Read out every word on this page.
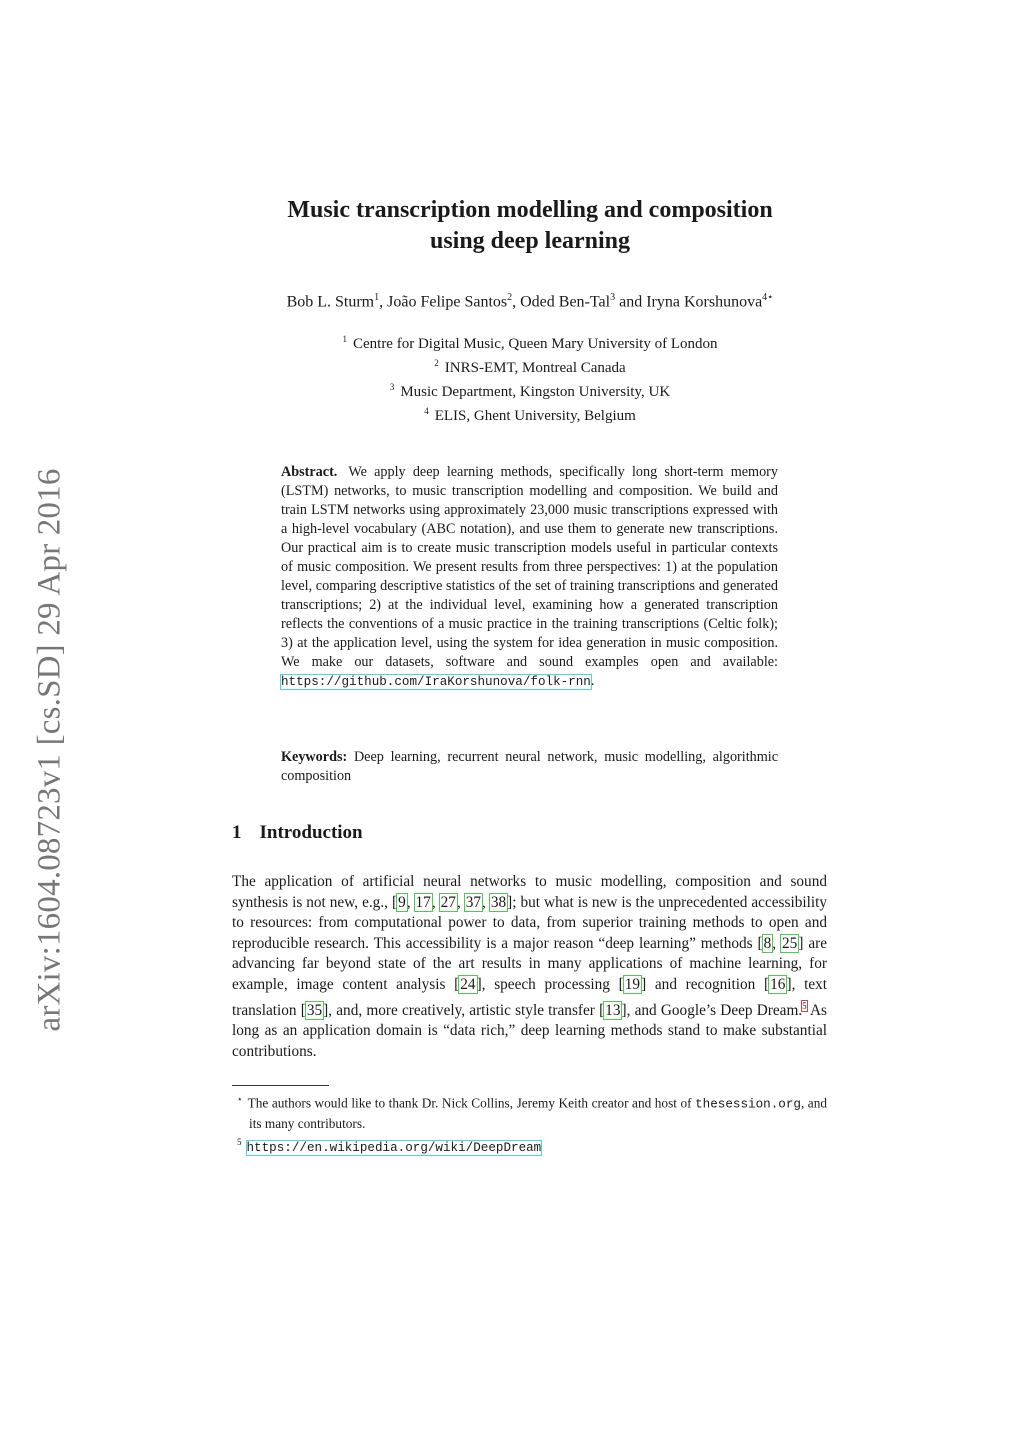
arXiv:1604.08723v1 [cs.SD] 29 Apr 2016
Music transcription modelling and composition
using deep learning
Bob L. Sturm$^1$, João Felipe Santos$^2$, Oded Ben-Tal$^3$ and Iryna Korshunova$^{4⋆}$
$^1$ Centre for Digital Music, Queen Mary University of London
$^2$ INRS-EMT, Montreal Canada
$^3$ Music Department, Kingston University, UK
$^4$ ELIS, Ghent University, Belgium
Abstract. We apply deep learning methods, specifically long short-term memory (LSTM) networks, to music transcription modelling and composition. We build and train LSTM networks using approximately 23,000 music transcriptions expressed with a high-level vocabulary (ABC notation), and use them to generate new transcriptions. Our practical aim is to create music transcription models useful in particular contexts of music composition. We present results from three perspectives: 1) at the population level, comparing descriptive statistics of the set of training transcriptions and generated transcriptions; 2) at the individual level, examining how a generated transcription reflects the conventions of a music practice in the training transcriptions (Celtic folk); 3) at the application level, using the system for idea generation in music composition. We make our datasets, software and sound examples open and available: https://github.com/IraKorshunova/folk-rnn.
Keywords: Deep learning, recurrent neural network, music modelling, algorithmic composition
1 Introduction
The application of artificial neural networks to music modelling, composition and sound synthesis is not new, e.g., [9, 17, 27, 37, 38]; but what is new is the unprecedented accessibility to resources: from computational power to data, from superior training methods to open and reproducible research. This accessibility is a major reason “deep learning” methods [8, 25] are advancing far beyond state of the art results in many applications of machine learning, for example, image content analysis [24], speech processing [19] and recognition [16], text translation [35], and, more creatively, artistic style transfer [13], and Google’s Deep Dream.$^5$ As long as an application domain is “data rich,” deep learning methods stand to make substantial contributions.
⋆ The authors would like to thank Dr. Nick Collins, Jeremy Keith creator and host of thesession.org, and its many contributors.
$^5$ https://en.wikipedia.org/wiki/DeepDream
